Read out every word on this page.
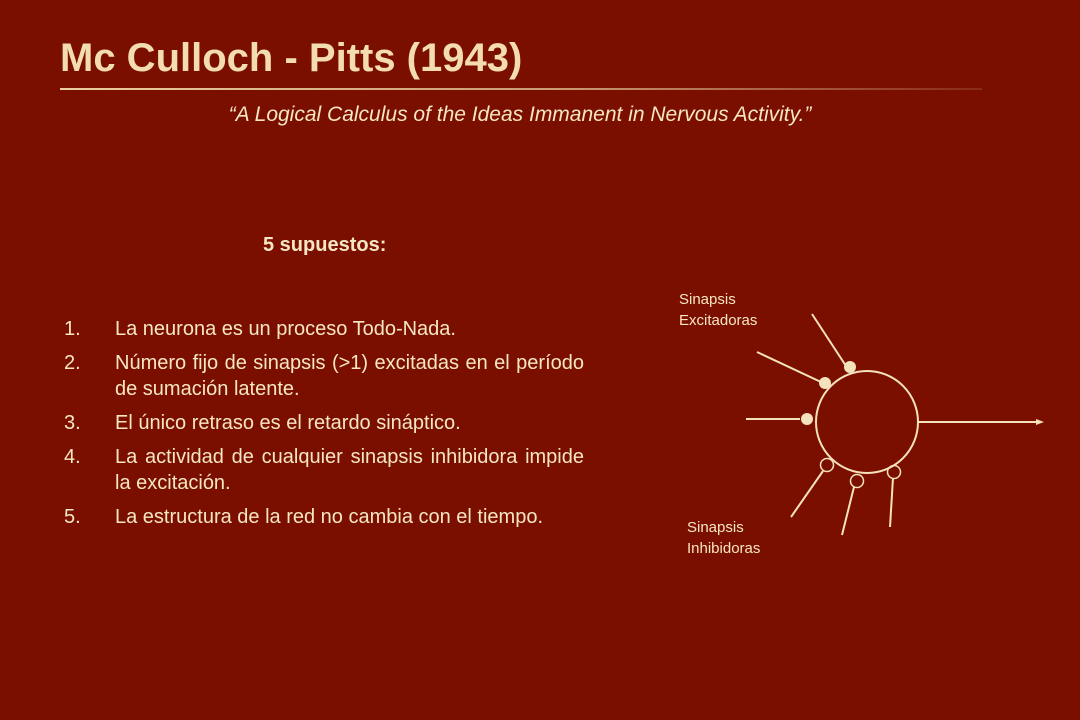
Mc Culloch - Pitts (1943)
“A Logical Calculus of the Ideas Immanent in Nervous Activity.”
5 supuestos:
1. La neurona es un proceso Todo-Nada.
2. Número fijo de sinapsis (>1) excitadas en el período de sumación latente.
3. El único retraso es el retardo sináptico.
4. La actividad de cualquier sinapsis inhibidora impide la excitación.
5. La estructura de la red no cambia con el tiempo.
Sinapsis
Excitadoras
Sinapsis
Inhibidoras
